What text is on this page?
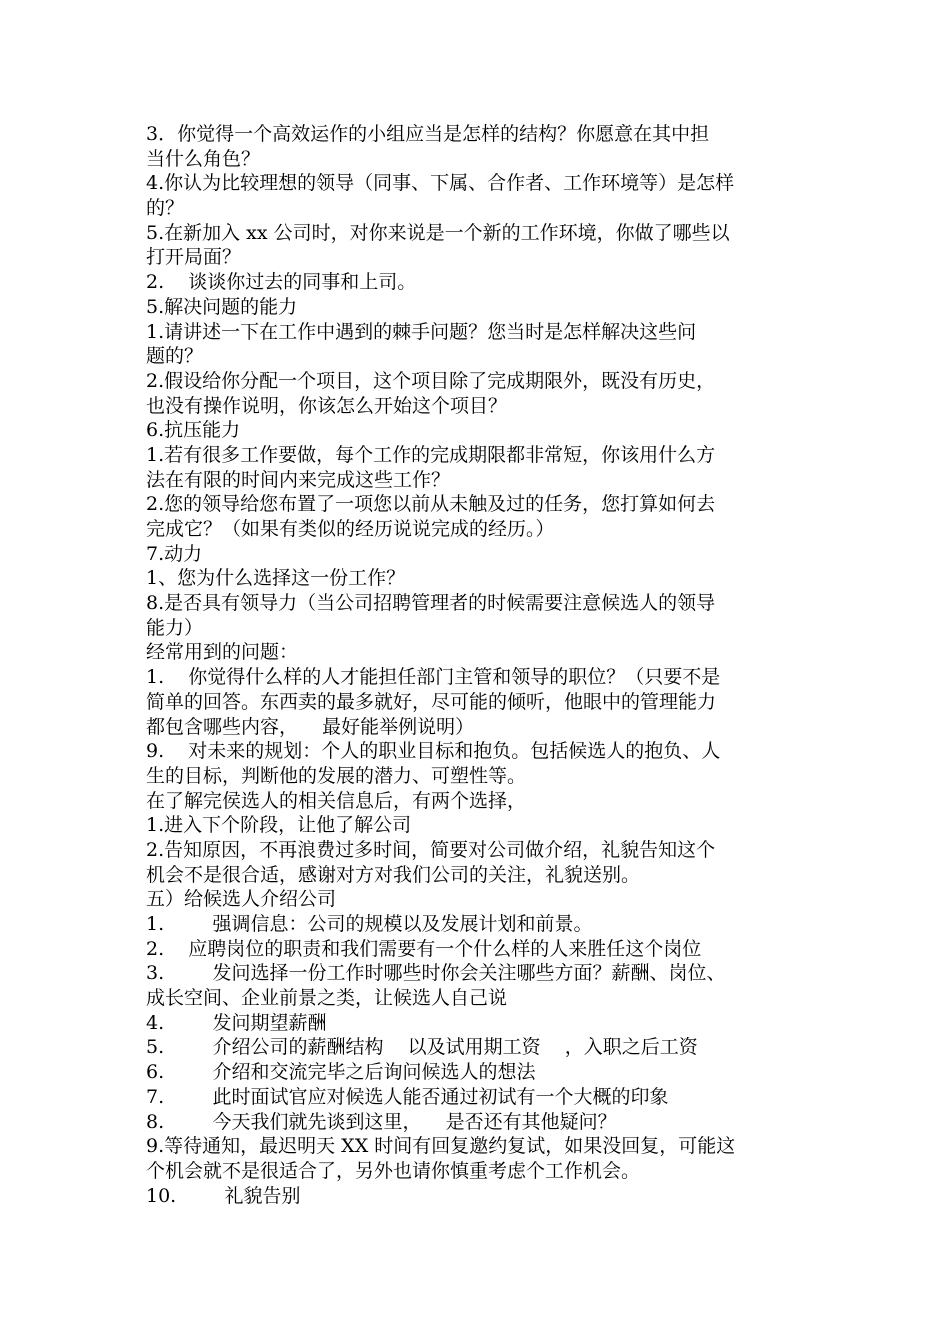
3．你觉得一个高效运作的小组应当是怎样的结构？你愿意在其中担
当什么角色？
4.你认为比较理想的领导（同事、下属、合作者、工作环境等）是怎样
的？
5.在新加入 xx 公司时，对你来说是一个新的工作环境，你做了哪些以
打开局面？
2.    谈谈你过去的同事和上司。
5.解决问题的能力
1.请讲述一下在工作中遇到的棘手问题？您当时是怎样解决这些问
题的？
2.假设给你分配一个项目，这个项目除了完成期限外，既没有历史，
也没有操作说明，你该怎么开始这个项目？
6.抗压能力
1.若有很多工作要做，每个工作的完成期限都非常短，你该用什么方
法在有限的时间内来完成这些工作？
2.您的领导给您布置了一项您以前从未触及过的任务，您打算如何去
完成它？（如果有类似的经历说说完成的经历。）
7.动力
1、您为什么选择这一份工作？
8.是否具有领导力（当公司招聘管理者的时候需要注意候选人的领导
能力）
经常用到的问题：
1.    你觉得什么样的人才能担任部门主管和领导的职位？（只要不是
简单的回答。东西卖的最多就好，尽可能的倾听，他眼中的管理能力
都包含哪些内容，    最好能举例说明）
9.    对未来的规划：个人的职业目标和抱负。包括候选人的抱负、人
生的目标，判断他的发展的潜力、可塑性等。
在了解完侯选人的相关信息后，有两个选择，
1.进入下个阶段，让他了解公司
2.告知原因，不再浪费过多时间，简要对公司做介绍，礼貌告知这个
机会不是很合适，感谢对方对我们公司的关注，礼貌送别。
五）给候选人介绍公司
1.        强调信息：公司的规模以及发展计划和前景。
2.    应聘岗位的职责和我们需要有一个什么样的人来胜任这个岗位
3.        发问选择一份工作时哪些时你会关注哪些方面？薪酬、岗位、
成长空间、企业前景之类，让候选人自己说
4.        发问期望薪酬
5.        介绍公司的薪酬结构    以及试用期工资    ，入职之后工资
6.        介绍和交流完毕之后询问候选人的想法
7.        此时面试官应对候选人能否通过初试有一个大概的印象
8.        今天我们就先谈到这里，    是否还有其他疑问？
9.等待通知，最迟明天 XX 时间有回复邀约复试，如果没回复，可能这
个机会就不是很适合了，另外也请你慎重考虑个工作机会。
10.        礼貌告别
